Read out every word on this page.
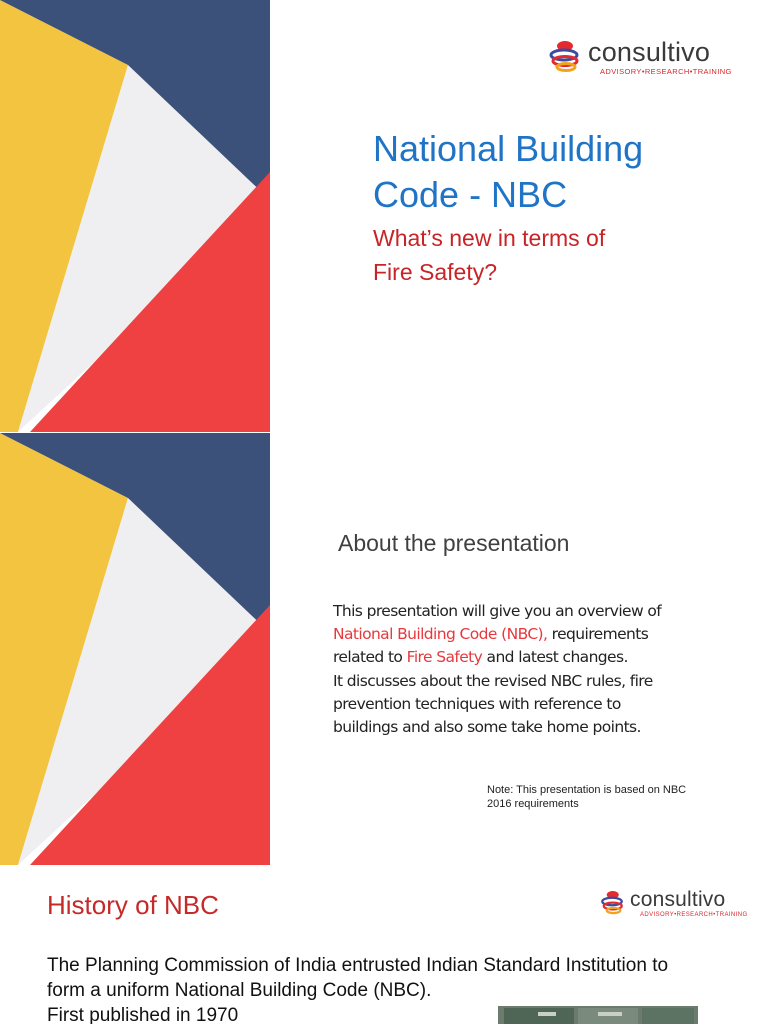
consultivo
ADVISORY•RESEARCH•TRAINING
National Building
Code - NBC

What’s new in terms of
Fire Safety?

About the presentation

This presentation will give you an overview of
National Building Code (NBC), requirements
related to Fire Safety and latest changes.
It discusses about the revised NBC rules, fire
prevention techniques with reference to
buildings and also some take home points.

Note: This presentation is based on NBC
2016 requirements

History of NBC	consultivo
ADVISORY•RESEARCH•TRAINING

The Planning Commission of India entrusted Indian Standard Institution to
form a uniform National Building Code (NBC).
First published in 1970
